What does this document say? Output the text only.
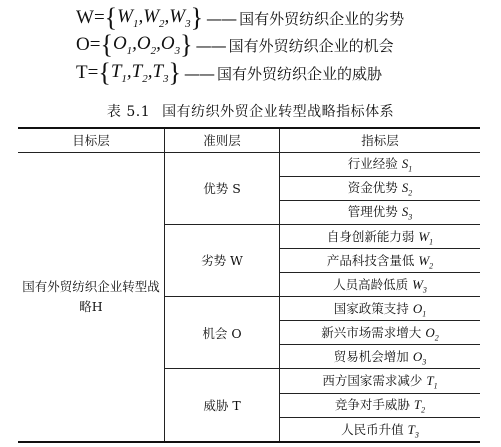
W = { $W_1,W_2,W_3$ } —— 国有外贸纺织企业的劣势
O = { $O_1,O_2,O_3$ } —— 国有外贸纺织企业的机会
T = { $T_1,T_2,T_3$ } —— 国有外贸纺织企业的威胁
表 5.1 国有纺织外贸企业转型战略指标体系
目标层	准则层	指标层
国有外贸纺织企业转型战略H	优势 S	行业经验 $S_1$
		资金优势 $S_2$
		管理优势 $S_3$
	劣势 W	自身创新能力弱 $W_1$
		产品科技含量低 $W_2$
		人员高龄低质 $W_3$
	机会 O	国家政策支持 $O_1$
		新兴市场需求增大 $O_2$
		贸易机会增加 $O_3$
	威胁 T	西方国家需求减少 $T_1$
		竞争对手威胁 $T_2$
		人民币升值 $T_3$
